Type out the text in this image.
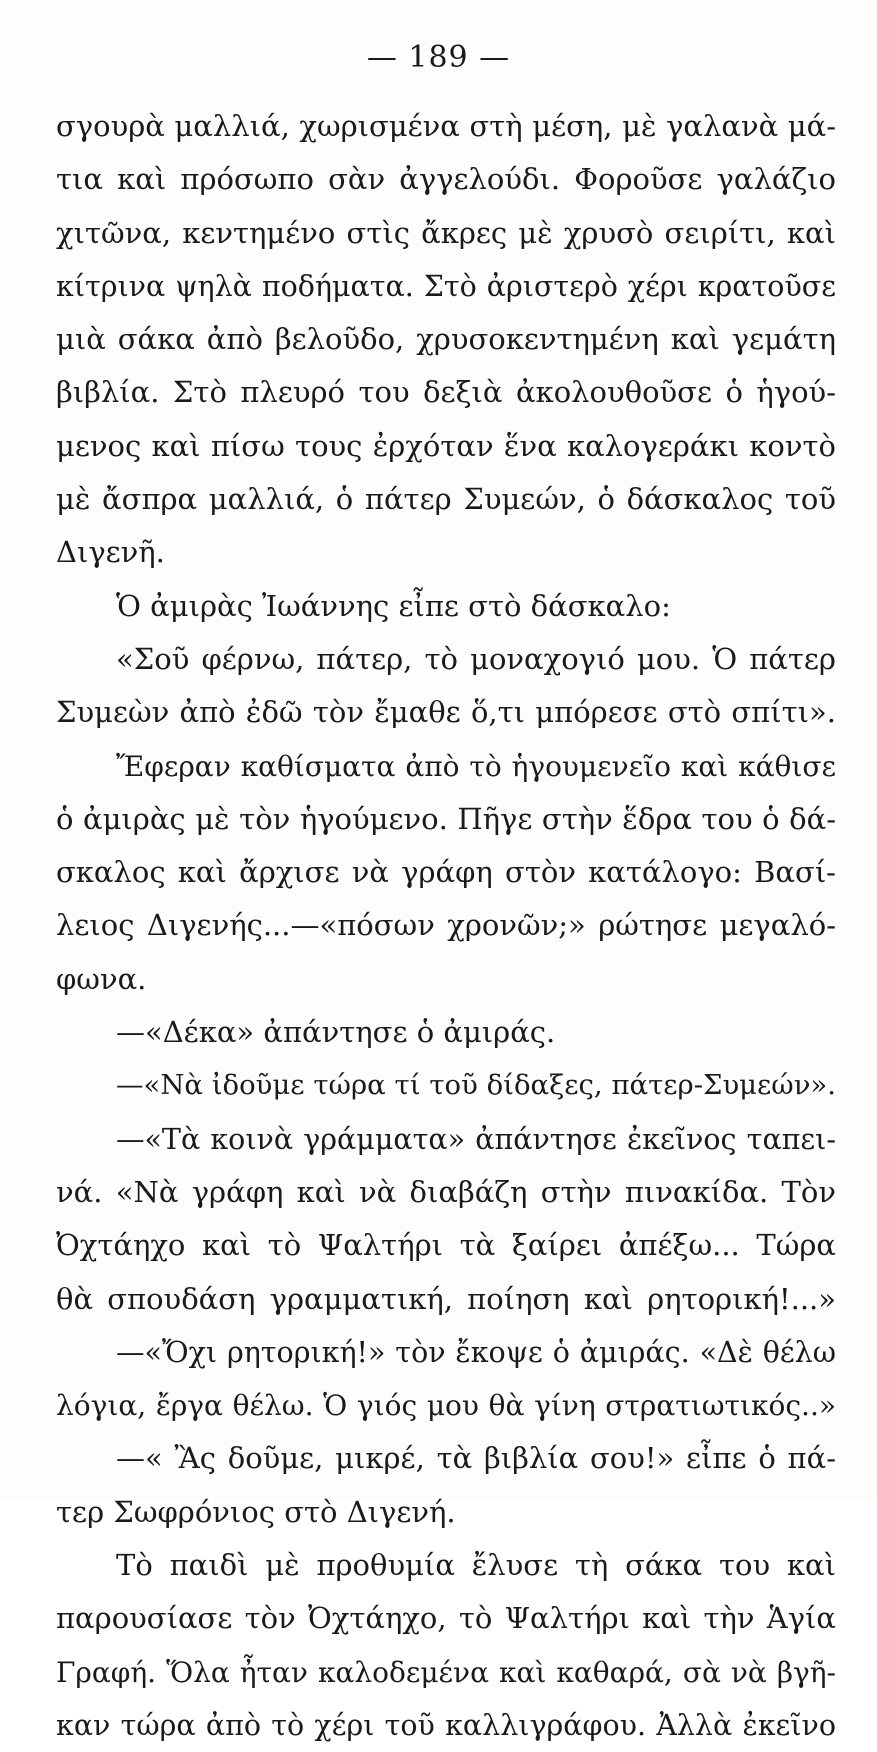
— 189 —
σγουρὰ μαλλιά, χωρισμένα στὴ μέση, μὲ γαλανὰ μά-
τια καὶ πρόσωπο σὰν ἀγγελούδι. Φοροῦσε γαλάζιο
χιτῶνα, κεντημένο στὶς ἄκρες μὲ χρυσὸ σειρίτι, καὶ
κίτρινα ψηλὰ ποδήματα. Στὸ ἀριστερὸ χέρι κρατοῦσε
μιὰ σάκα ἀπὸ βελοῦδο, χρυσοκεντημένη καὶ γεμάτη
βιβλία. Στὸ πλευρό του δεξιὰ ἀκολουθοῦσε ὁ ἡγού-
μενος καὶ πίσω τους ἐρχόταν ἕνα καλογεράκι κοντὸ
μὲ ἄσπρα μαλλιά, ὁ πάτερ Συμεών, ὁ δάσκαλος τοῦ
Διγενῆ.
Ὁ ἀμιρὰς Ἰωάννης εἶπε στὸ δάσκαλο:
«Σοῦ φέρνω, πάτερ, τὸ μοναχογιό μου. Ὁ πάτερ
Συμεὼν ἀπὸ ἐδῶ τὸν ἔμαθε ὅ,τι μπόρεσε στὸ σπίτι».
Ἔφεραν καθίσματα ἀπὸ τὸ ἡγουμενεῖο καὶ κάθισε
ὁ ἀμιρὰς μὲ τὸν ἡγούμενο. Πῆγε στὴν ἕδρα του ὁ δά-
σκαλος καὶ ἄρχισε νὰ γράφη στὸν κατάλογο: Βασί-
λειος Διγενής...—«πόσων χρονῶν;» ρώτησε μεγαλό-
φωνα.
—«Δέκα» ἀπάντησε ὁ ἀμιράς.
—«Νὰ ἰδοῦμε τώρα τί τοῦ δίδαξες, πάτερ-Συμεών».
—«Τὰ κοινὰ γράμματα» ἀπάντησε ἐκεῖνος ταπει-
νά. «Νὰ γράφη καὶ νὰ διαβάζη στὴν πινακίδα. Τὸν
Ὀχτάηχο καὶ τὸ Ψαλτήρι τὰ ξαίρει ἀπέξω... Τώρα
θὰ σπουδάση γραμματική, ποίηση καὶ ρητορική!...»
—«Ὄχι ρητορική!» τὸν ἔκοψε ὁ ἀμιράς. «Δὲ θέλω
λόγια, ἔργα θέλω. Ὁ γιός μου θὰ γίνη στρατιωτικός..»
—« Ἂς δοῦμε, μικρέ, τὰ βιβλία σου!» εἶπε ὁ πά-
τερ Σωφρόνιος στὸ Διγενή.
Τὸ παιδὶ μὲ προθυμία ἔλυσε τὴ σάκα του καὶ
παρουσίασε τὸν Ὀχτάηχο, τὸ Ψαλτήρι καὶ τὴν Ἁγία
Γραφή. Ὅλα ἦταν καλοδεμένα καὶ καθαρά, σὰ νὰ βγῆ-
καν τώρα ἀπὸ τὸ χέρι τοῦ καλλιγράφου. Ἀλλὰ ἐκεῖνο
